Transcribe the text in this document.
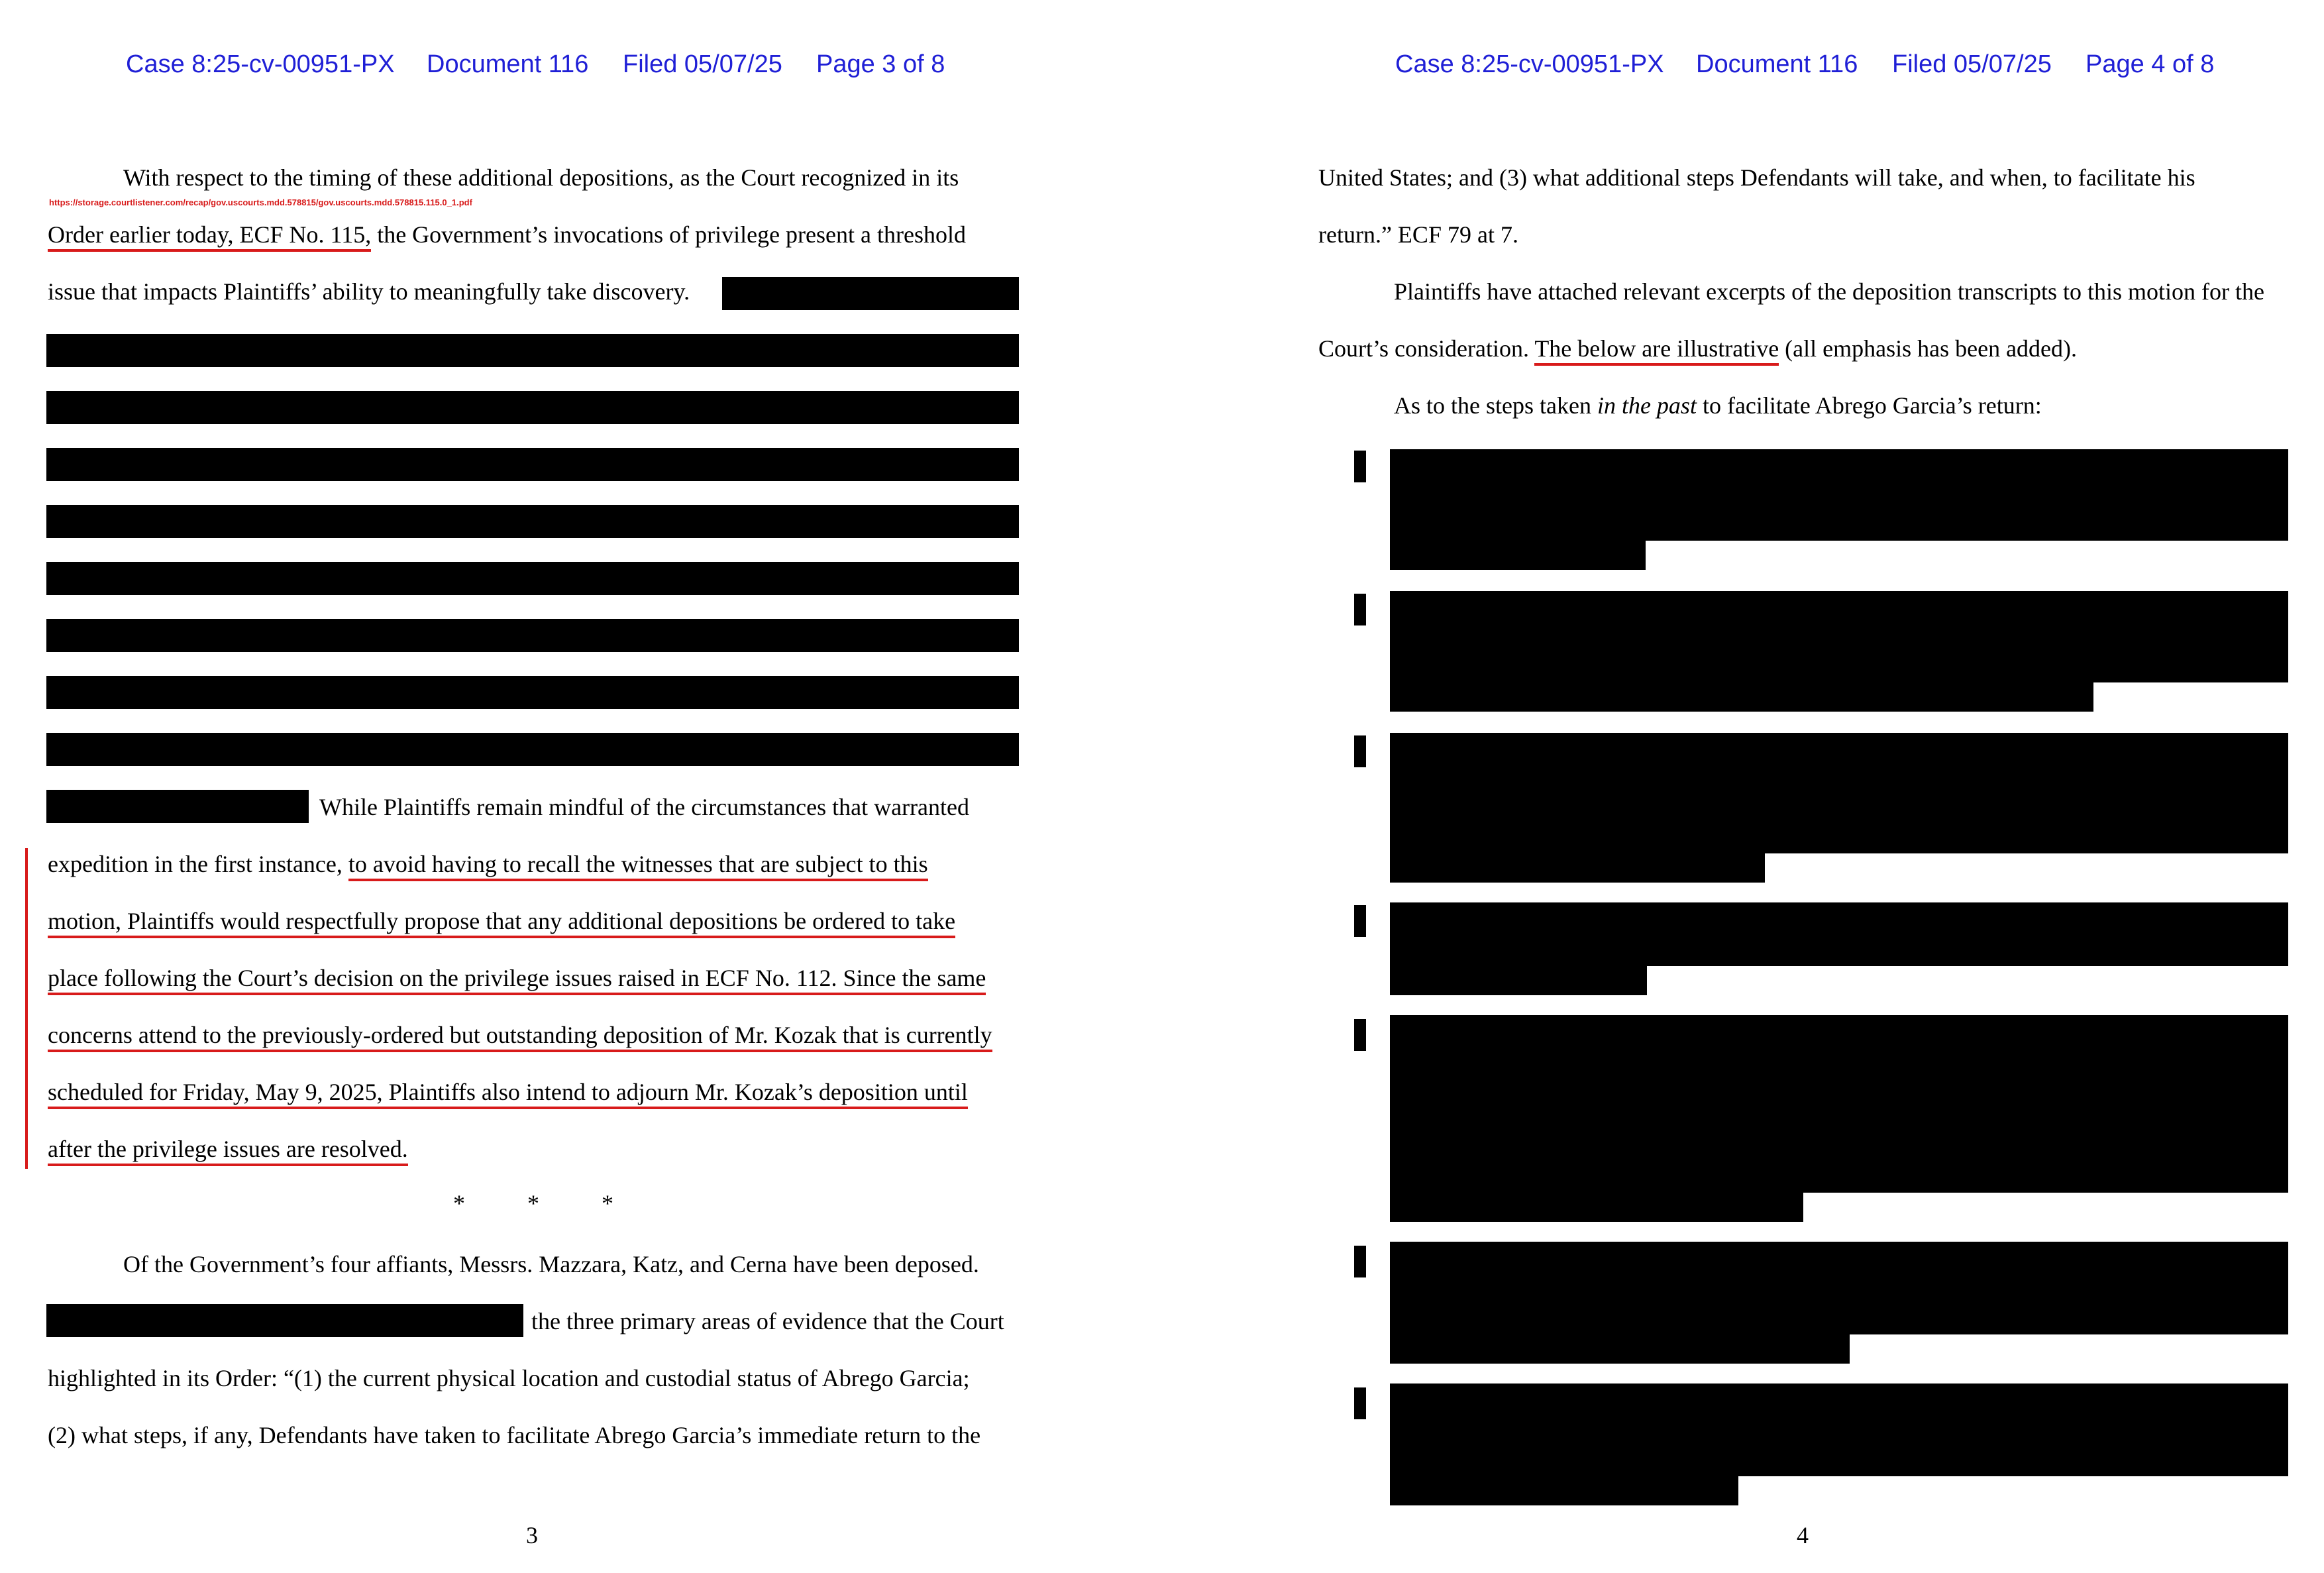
Case 8:25-cv-00951-PX Document 116 Filed 05/07/25 Page 3 of 8
With respect to the timing of these additional depositions, as the Court recognized in its
https://storage.courtlistener.com/recap/gov.uscourts.mdd.578815/gov.uscourts.mdd.578815.115.0_1.pdf
Order earlier today, ECF No. 115, the Government’s invocations of privilege present a threshold
issue that impacts Plaintiffs’ ability to meaningfully take discovery.
While Plaintiffs remain mindful of the circumstances that warranted
expedition in the first instance, to avoid having to recall the witnesses that are subject to this
motion, Plaintiffs would respectfully propose that any additional depositions be ordered to take
place following the Court’s decision on the privilege issues raised in ECF No. 112. Since the same
concerns attend to the previously-ordered but outstanding deposition of Mr. Kozak that is currently
scheduled for Friday, May 9, 2025, Plaintiffs also intend to adjourn Mr. Kozak’s deposition until
after the privilege issues are resolved.
*	*	*
Of the Government’s four affiants, Messrs. Mazzara, Katz, and Cerna have been deposed.
the three primary areas of evidence that the Court
highlighted in its Order: “(1) the current physical location and custodial status of Abrego Garcia;
(2) what steps, if any, Defendants have taken to facilitate Abrego Garcia’s immediate return to the
3
Case 8:25-cv-00951-PX Document 116 Filed 05/07/25 Page 4 of 8
United States; and (3) what additional steps Defendants will take, and when, to facilitate his
return.” ECF 79 at 7.
Plaintiffs have attached relevant excerpts of the deposition transcripts to this motion for the
Court’s consideration. The below are illustrative (all emphasis has been added).
As to the steps taken in the past to facilitate Abrego Garcia’s return:
4
